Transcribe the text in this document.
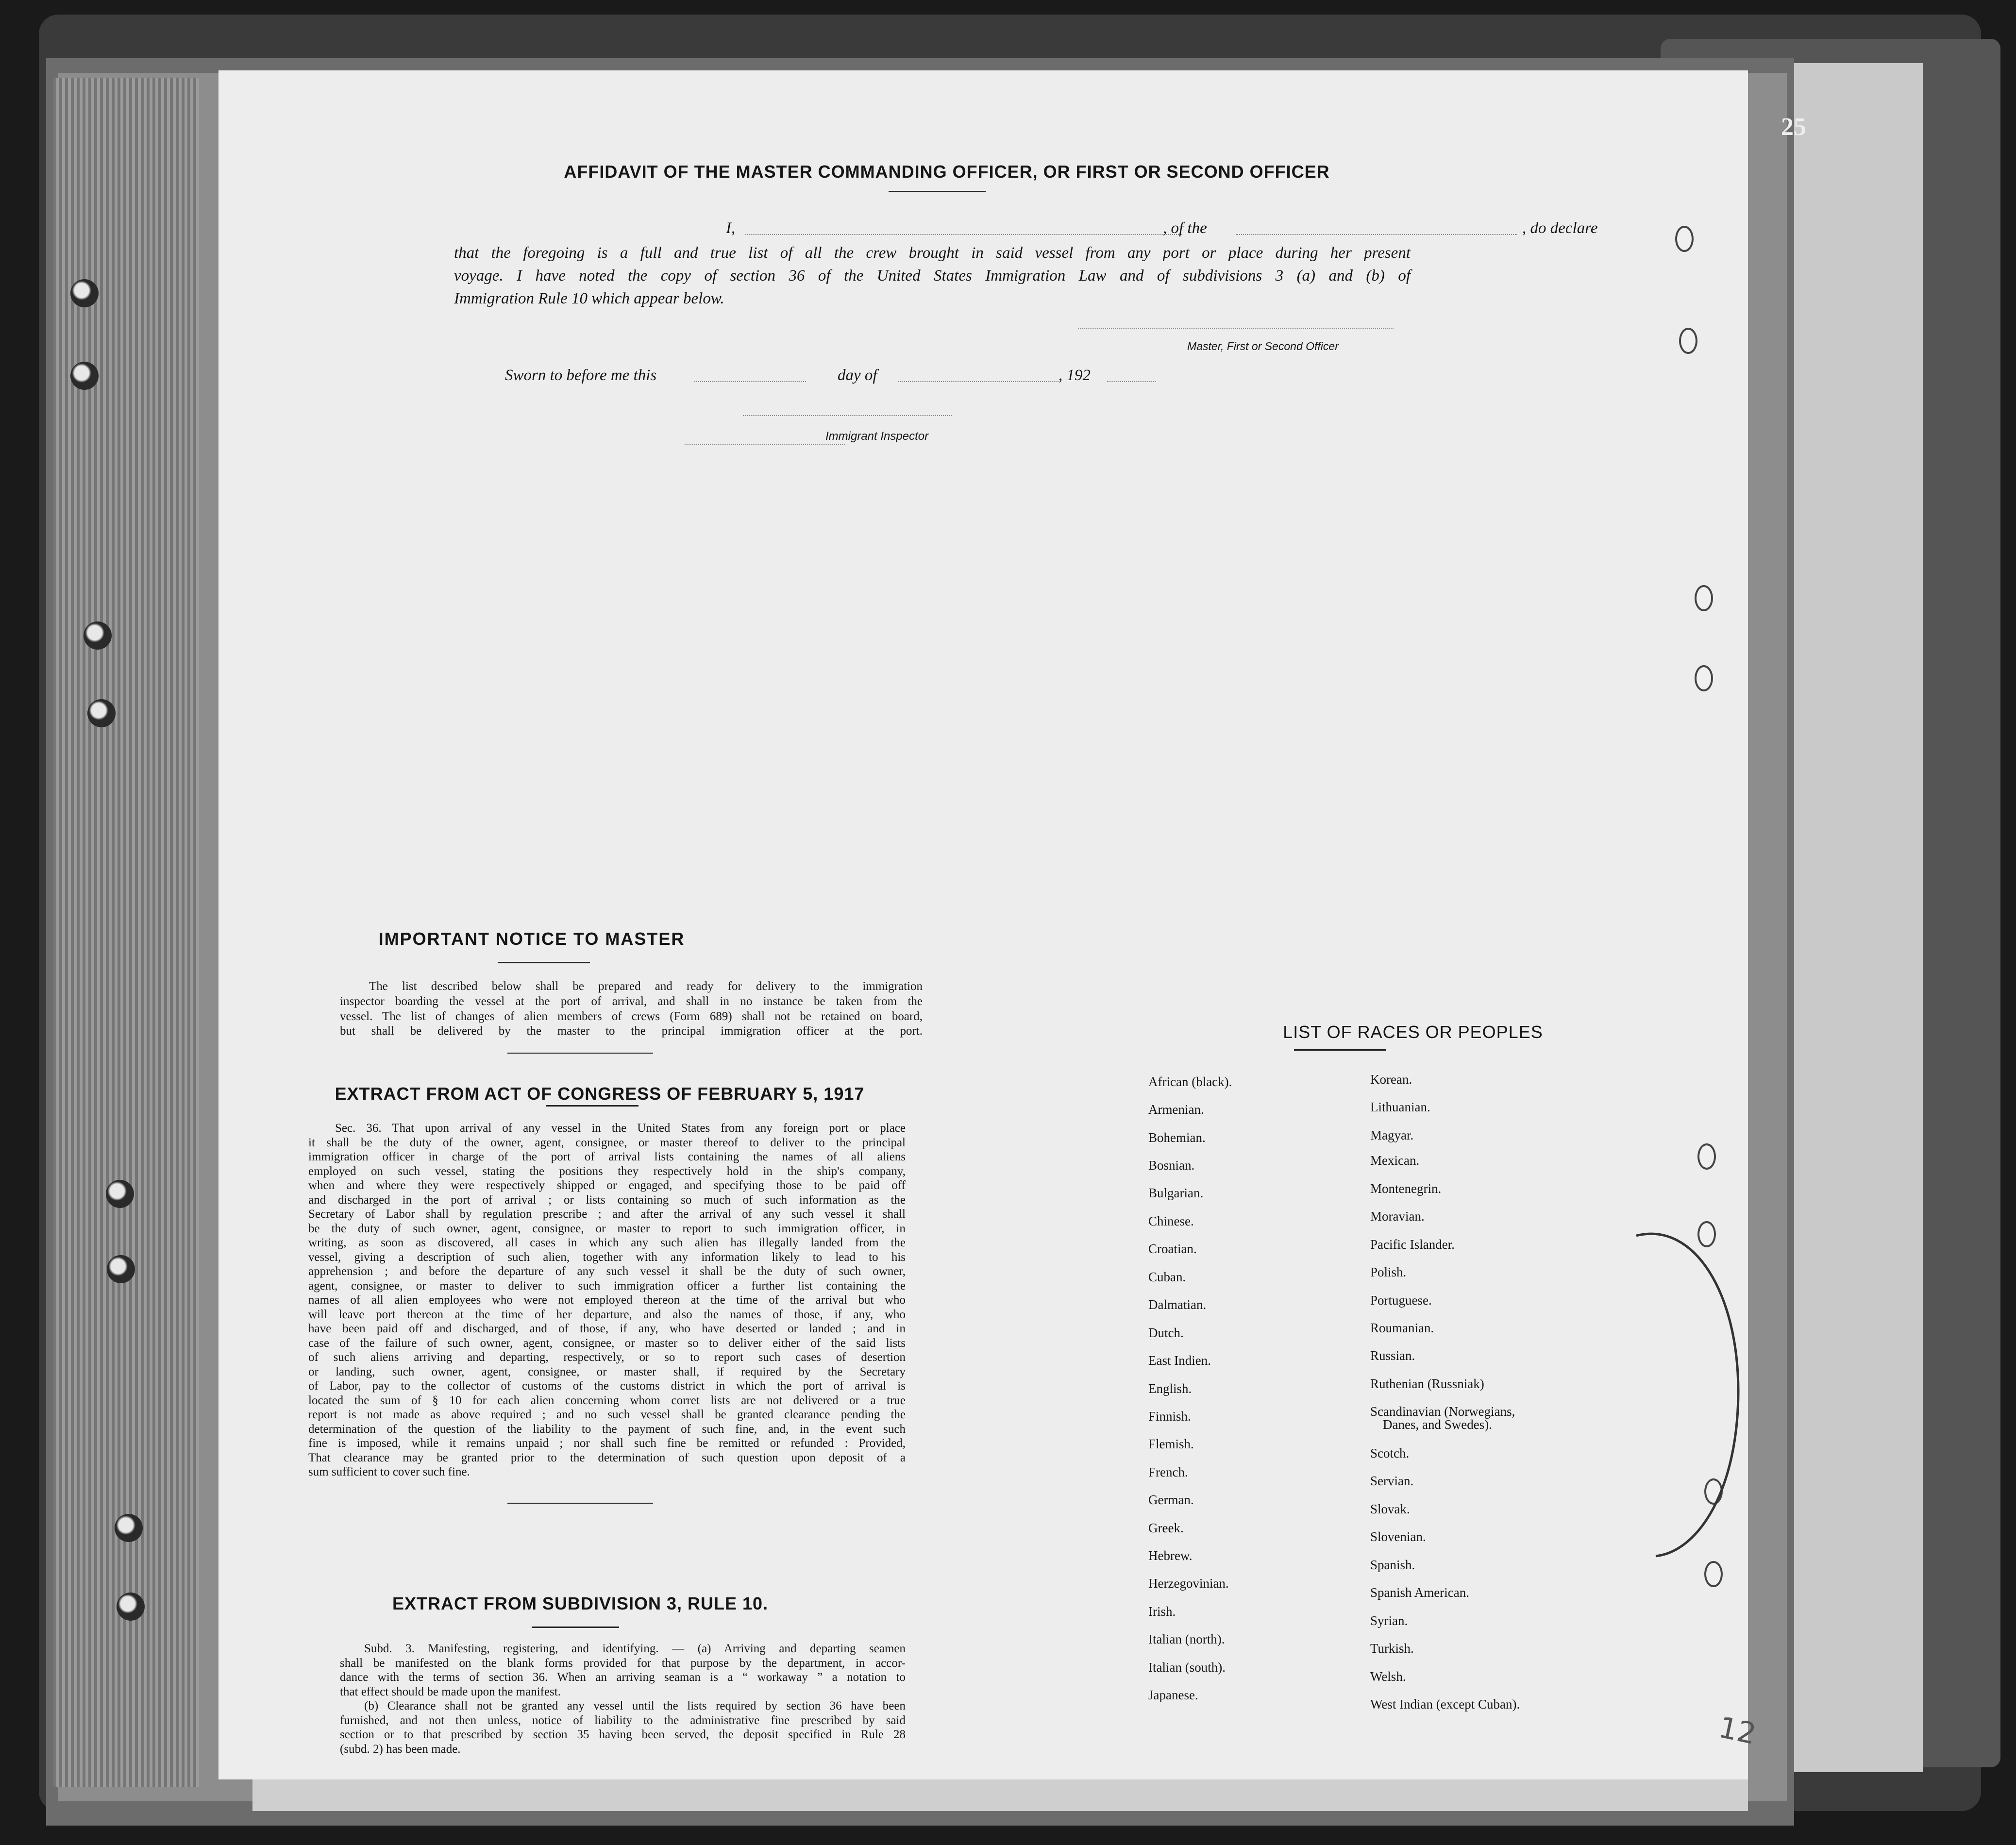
25
AFFIDAVIT OF THE MASTER COMMANDING OFFICER, OR FIRST OR SECOND OFFICER
I,	, of the	, do declare
that the foregoing is a full and true list of all the crew brought in said vessel from any port or place during her present
voyage. I have noted the copy of section 36 of the United States Immigration Law and of subdivisions 3 (a) and (b) of
Immigration Rule 10 which appear below.
Master, First or Second Officer
Sworn to before me this	day of	, 192
Immigrant Inspector
IMPORTANT NOTICE TO MASTER
The list described below shall be prepared and ready for delivery to the immigration
inspector boarding the vessel at the port of arrival, and shall in no instance be taken from the
vessel. The list of changes of alien members of crews (Form 689) shall not be retained on board,
but shall be delivered by the master to the principal immigration officer at the port.
EXTRACT FROM ACT OF CONGRESS OF FEBRUARY 5, 1917
Sec. 36. That upon arrival of any vessel in the United States from any foreign port or place
it shall be the duty of the owner, agent, consignee, or master thereof to deliver to the principal
immigration officer in charge of the port of arrival lists containing the names of all aliens
employed on such vessel, stating the positions they respectively hold in the ship's company,
when and where they were respectively shipped or engaged, and specifying those to be paid off
and discharged in the port of arrival ; or lists containing so much of such information as the
Secretary of Labor shall by regulation prescribe ; and after the arrival of any such vessel it shall
be the duty of such owner, agent, consignee, or master to report to such immigration officer, in
writing, as soon as discovered, all cases in which any such alien has illegally landed from the
vessel, giving a description of such alien, together with any information likely to lead to his
apprehension ; and before the departure of any such vessel it shall be the duty of such owner,
agent, consignee, or master to deliver to such immigration officer a further list containing the
names of all alien employees who were not employed thereon at the time of the arrival but who
will leave port thereon at the time of her departure, and also the names of those, if any, who
have been paid off and discharged, and of those, if any, who have deserted or landed ; and in
case of the failure of such owner, agent, consignee, or master so to deliver either of the said lists
of such aliens arriving and departing, respectively, or so to report such cases of desertion
or landing, such owner, agent, consignee, or master shall, if required by the Secretary
of Labor, pay to the collector of customs of the customs district in which the port of arrival is
located the sum of § 10 for each alien concerning whom corret lists are not delivered or a true
report is not made as above required ; and no such vessel shall be granted clearance pending the
determination of the question of the liability to the payment of such fine, and, in the event such
fine is imposed, while it remains unpaid ; nor shall such fine be remitted or refunded : Provided,
That clearance may be granted prior to the determination of such question upon deposit of a
sum sufficient to cover such fine.
EXTRACT FROM SUBDIVISION 3, RULE 10.
Subd. 3. Manifesting, registering, and identifying. — (a) Arriving and departing seamen
shall be manifested on the blank forms provided for that purpose by the department, in accor-
dance with the terms of section 36. When an arriving seaman is a “ workaway ” a notation to
that effect should be made upon the manifest.
(b) Clearance shall not be granted any vessel until the lists required by section 36 have been
furnished, and not then unless, notice of liability to the administrative fine prescribed by said
section or to that prescribed by section 35 having been served, the deposit specified in Rule 28
(subd. 2) has been made.
LIST OF RACES OR PEOPLES
African (black).
Armenian.
Bohemian.
Bosnian.
Bulgarian.
Chinese.
Croatian.
Cuban.
Dalmatian.
Dutch.
East Indien.
English.
Finnish.
Flemish.
French.
German.
Greek.
Hebrew.
Herzegovinian.
Irish.
Italian (north).
Italian (south).
Japanese.
Korean.
Lithuanian.
Magyar.
Mexican.
Montenegrin.
Moravian.
Pacific Islander.
Polish.
Portuguese.
Roumanian.
Russian.
Ruthenian (Russniak)
Scandinavian (Norwegians,
Danes, and Swedes).
Scotch.
Servian.
Slovak.
Slovenian.
Spanish.
Spanish American.
Syrian.
Turkish.
Welsh.
West Indian (except Cuban).
12
